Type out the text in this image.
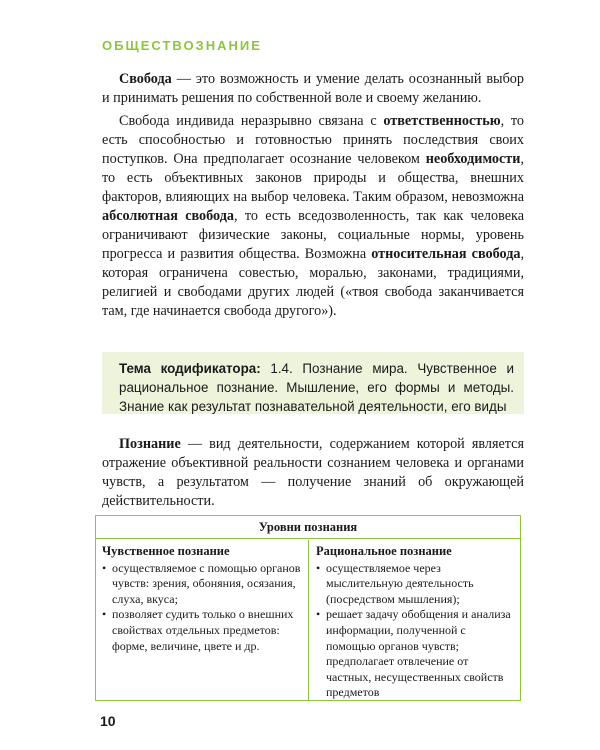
ОБЩЕСТВОЗНАНИЕ

Свобода — это возможность и умение делать осознанный выбор и принимать решения по собственной воле и своему желанию.

Свобода индивида неразрывно связана с ответственностью, то есть способностью и готовностью принять последствия своих поступков. Она предполагает осознание человеком необходимости, то есть объективных законов природы и общества, внешних факторов, влияющих на выбор человека. Таким образом, невозможна абсолютная свобода, то есть вседозволенность, так как человека ограничивают физические законы, социальные нормы, уровень прогресса и развития общества. Возможна относительная свобода, которая ограничена совестью, моралью, законами, традициями, религией и свободами других людей («твоя свобода заканчивается там, где начинается свобода другого»).

Тема кодификатора: 1.4. Познание мира. Чувственное и рациональное познание. Мышление, его формы и методы. Знание как результат познавательной деятельности, его виды

Познание — вид деятельности, содержанием которой является отражение объективной реальности сознанием человека и органами чувств, а результатом — получение знаний об окружающей действительности.

Уровни познания
Чувственное познание
• осуществляемое с помощью органов чувств: зрения, обоняния, осязания, слуха, вкуса;
• позволяет судить только о внешних свойствах отдельных предметов: форме, величине, цвете и др.
Рациональное познание
• осуществляемое через мыслительную деятельность (посредством мышления);
• решает задачу обобщения и анализа информации, полученной с помощью органов чувств; предполагает отвлечение от частных, несущественных свойств предметов
10
